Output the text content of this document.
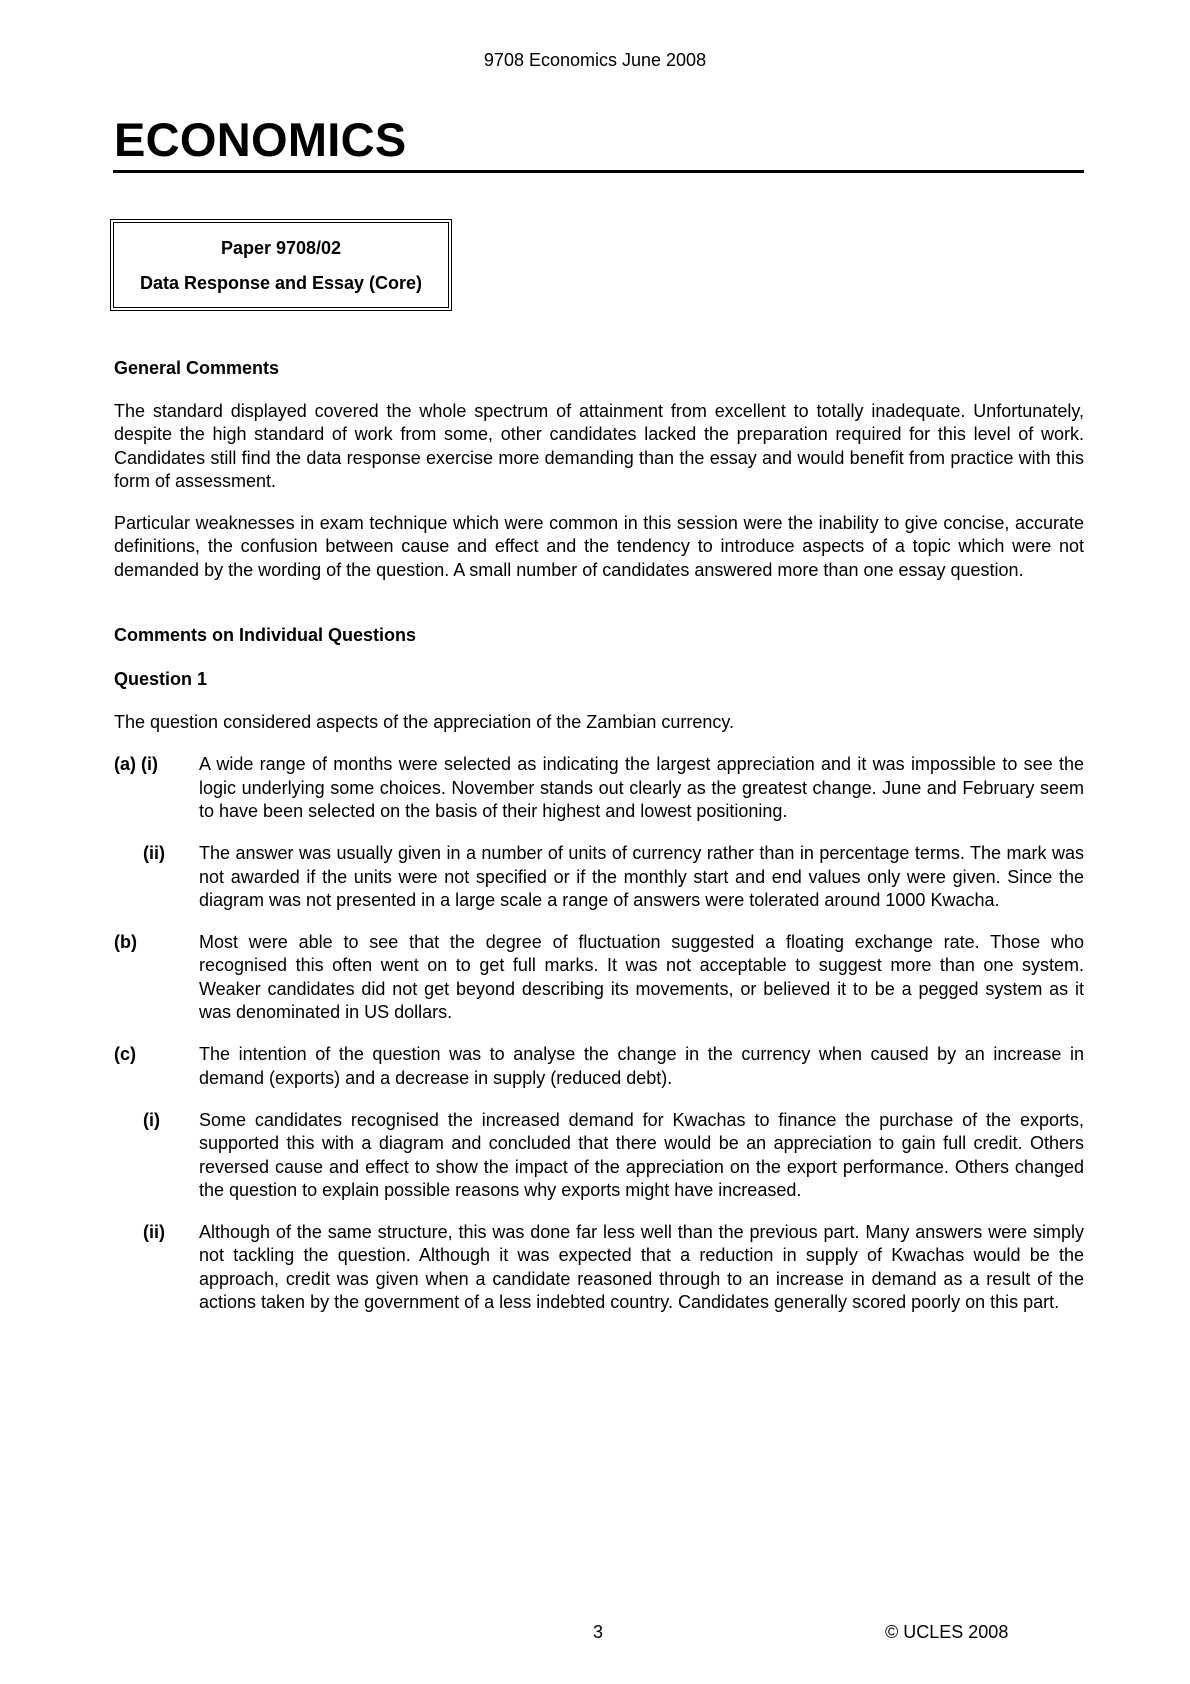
9708 Economics June 2008
ECONOMICS
Paper 9708/02
Data Response and Essay (Core)

General Comments

The standard displayed covered the whole spectrum of attainment from excellent to totally inadequate. Unfortunately, despite the high standard of work from some, other candidates lacked the preparation required for this level of work. Candidates still find the data response exercise more demanding than the essay and would benefit from practice with this form of assessment.

Particular weaknesses in exam technique which were common in this session were the inability to give concise, accurate definitions, the confusion between cause and effect and the tendency to introduce aspects of a topic which were not demanded by the wording of the question. A small number of candidates answered more than one essay question.

Comments on Individual Questions

Question 1

The question considered aspects of the appreciation of the Zambian currency.

(a) (i)	A wide range of months were selected as indicating the largest appreciation and it was impossible to see the logic underlying some choices. November stands out clearly as the greatest change. June and February seem to have been selected on the basis of their highest and lowest positioning.

(ii)	The answer was usually given in a number of units of currency rather than in percentage terms. The mark was not awarded if the units were not specified or if the monthly start and end values only were given. Since the diagram was not presented in a large scale a range of answers were tolerated around 1000 Kwacha.

(b)	Most were able to see that the degree of fluctuation suggested a floating exchange rate. Those who recognised this often went on to get full marks. It was not acceptable to suggest more than one system. Weaker candidates did not get beyond describing its movements, or believed it to be a pegged system as it was denominated in US dollars.

(c)	The intention of the question was to analyse the change in the currency when caused by an increase in demand (exports) and a decrease in supply (reduced debt).

(i)	Some candidates recognised the increased demand for Kwachas to finance the purchase of the exports, supported this with a diagram and concluded that there would be an appreciation to gain full credit. Others reversed cause and effect to show the impact of the appreciation on the export performance. Others changed the question to explain possible reasons why exports might have increased.

(ii)	Although of the same structure, this was done far less well than the previous part. Many answers were simply not tackling the question. Although it was expected that a reduction in supply of Kwachas would be the approach, credit was given when a candidate reasoned through to an increase in demand as a result of the actions taken by the government of a less indebted country. Candidates generally scored poorly on this part.

3	© UCLES 2008
